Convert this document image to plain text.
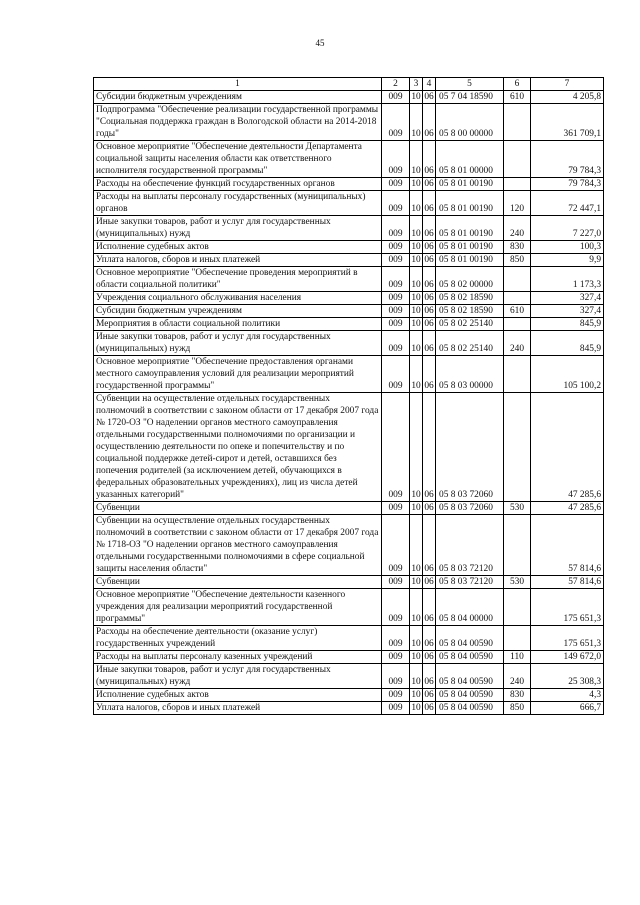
45
1	2	3	4	5	6	7
Субсидии бюджетным учреждениям	009	10	06	05 7 04 18590	610	4 205,8
Подпрограмма "Обеспечение реализации государственной программы "Социальная поддержка граждан в Вологодской области на 2014-2018 годы"	009	10	06	05 8 00 00000		361 709,1
Основное мероприятие "Обеспечение деятельности Департамента социальной защиты населения области как ответственного исполнителя государственной программы"	009	10	06	05 8 01 00000		79 784,3
Расходы на обеспечение функций государственных органов	009	10	06	05 8 01 00190		79 784,3
Расходы на выплаты персоналу государственных (муниципальных) органов	009	10	06	05 8 01 00190	120	72 447,1
Иные закупки товаров, работ и услуг для государственных (муниципальных) нужд	009	10	06	05 8 01 00190	240	7 227,0
Исполнение судебных актов	009	10	06	05 8 01 00190	830	100,3
Уплата налогов, сборов и иных платежей	009	10	06	05 8 01 00190	850	9,9
Основное мероприятие "Обеспечение проведения мероприятий в области социальной политики"	009	10	06	05 8 02 00000		1 173,3
Учреждения социального обслуживания населения	009	10	06	05 8 02 18590		327,4
Субсидии бюджетным учреждениям	009	10	06	05 8 02 18590	610	327,4
Мероприятия в области социальной политики	009	10	06	05 8 02 25140		845,9
Иные закупки товаров, работ и услуг для государственных (муниципальных) нужд	009	10	06	05 8 02 25140	240	845,9
Основное мероприятие "Обеспечение предоставления органами местного самоуправления условий для реализации мероприятий государственной программы"	009	10	06	05 8 03 00000		105 100,2
Субвенции на осуществление отдельных государственных полномочий в соответствии с законом области от 17 декабря 2007 года № 1720-ОЗ "О наделении органов местного самоуправления отдельными государственными полномочиями по организации и осуществлению деятельности по опеке и попечительству и по социальной поддержке детей-сирот и детей, оставшихся без попечения родителей (за исключением детей, обучающихся в федеральных образовательных учреждениях), лиц из числа детей указанных категорий"	009	10	06	05 8 03 72060		47 285,6
Субвенции	009	10	06	05 8 03 72060	530	47 285,6
Субвенции на осуществление отдельных государственных полномочий в соответствии с законом области от 17 декабря 2007 года № 1718-ОЗ "О наделении органов местного самоуправления отдельными государственными полномочиями в сфере социальной защиты населения области"	009	10	06	05 8 03 72120		57 814,6
Субвенции	009	10	06	05 8 03 72120	530	57 814,6
Основное мероприятие "Обеспечение деятельности казенного учреждения для реализации мероприятий государственной программы"	009	10	06	05 8 04 00000		175 651,3
Расходы на обеспечение деятельности (оказание услуг) государственных учреждений	009	10	06	05 8 04 00590		175 651,3
Расходы на выплаты персоналу казенных учреждений	009	10	06	05 8 04 00590	110	149 672,0
Иные закупки товаров, работ и услуг для государственных (муниципальных) нужд	009	10	06	05 8 04 00590	240	25 308,3
Исполнение судебных актов	009	10	06	05 8 04 00590	830	4,3
Уплата налогов, сборов и иных платежей	009	10	06	05 8 04 00590	850	666,7
